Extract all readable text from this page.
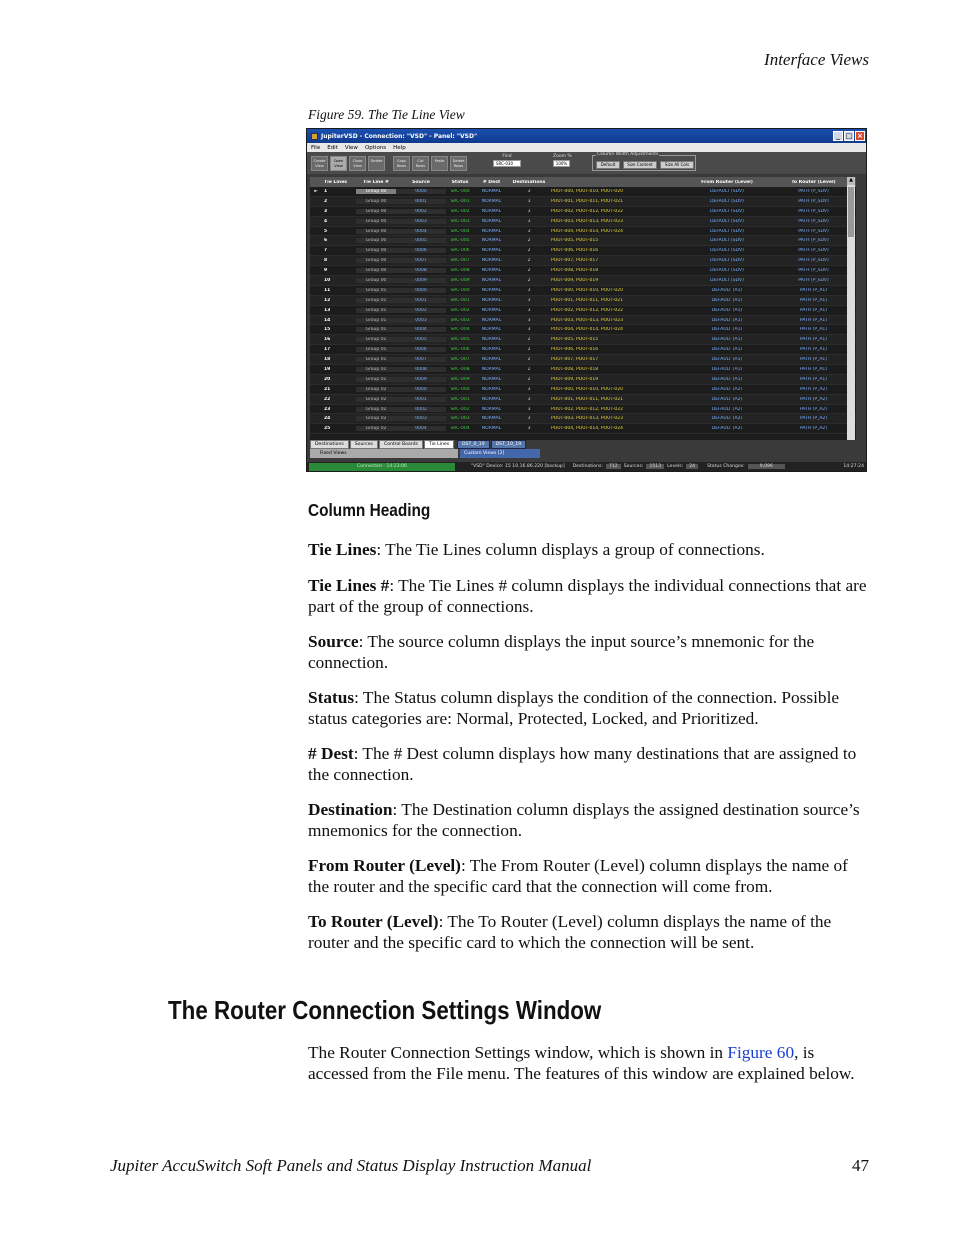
Interface Views
Figure 59. The Tie Line View
JupiterVSD - Connection: "VSD" - Panel: "VSD"	_ □ ×
File Edit View Options Help
Create
View
Open
View
Close
View
Delete	Copy
Rows
Cut
Rows
Paste	Delete
Rows
Find
SRC-030
Zoom %
100%
Column Width Adjustments
Default	Size Content	Size All Cols
Tie Lines	Tie Line #	Source	Status	# Dest	Destinations	From Router (Level)	To Router (Level)
►	1	Group 00	0000	SRC-000	NORMAL	3	POUT-000, POUT-010, POUT-020	DEFAULT (SDV)	PATH (P_SDV)
2	Group 00	0001	SRC-001	NORMAL	3	POUT-001, POUT-011, POUT-021	DEFAULT (SDV)	PATH (P_SDV)
3	Group 00	0002	SRC-002	NORMAL	3	POUT-002, POUT-012, POUT-022	DEFAULT (SDV)	PATH (P_SDV)
4	Group 00	0003	SRC-003	NORMAL	3	POUT-003, POUT-013, POUT-023	DEFAULT (SDV)	PATH (P_SDV)
5	Group 00	0004	SRC-004	NORMAL	3	POUT-004, POUT-014, POUT-024	DEFAULT (SDV)	PATH (P_SDV)
6	Group 00	0005	SRC-005	NORMAL	2	POUT-005, POUT-015	DEFAULT (SDV)	PATH (P_SDV)
7	Group 00	0006	SRC-006	NORMAL	2	POUT-006, POUT-016	DEFAULT (SDV)	PATH (P_SDV)
8	Group 00	0007	SRC-007	NORMAL	2	POUT-007, POUT-017	DEFAULT (SDV)	PATH (P_SDV)
9	Group 00	0008	SRC-008	NORMAL	2	POUT-008, POUT-018	DEFAULT (SDV)	PATH (P_SDV)
10	Group 00	0009	SRC-009	NORMAL	2	POUT-009, POUT-019	DEFAULT (SDV)	PATH (P_SDV)
11	Group 01	0000	SRC-000	NORMAL	3	POUT-000, POUT-010, POUT-020	DEFAULT (A1)	PATH (P_A1)
12	Group 01	0001	SRC-001	NORMAL	3	POUT-001, POUT-011, POUT-021	DEFAULT (A1)	PATH (P_A1)
13	Group 01	0002	SRC-002	NORMAL	3	POUT-002, POUT-012, POUT-022	DEFAULT (A1)	PATH (P_A1)
14	Group 01	0003	SRC-003	NORMAL	3	POUT-003, POUT-013, POUT-023	DEFAULT (A1)	PATH (P_A1)
15	Group 01	0004	SRC-004	NORMAL	3	POUT-004, POUT-014, POUT-024	DEFAULT (A1)	PATH (P_A1)
16	Group 01	0005	SRC-005	NORMAL	2	POUT-005, POUT-015	DEFAULT (A1)	PATH (P_A1)
17	Group 01	0006	SRC-006	NORMAL	2	POUT-006, POUT-016	DEFAULT (A1)	PATH (P_A1)
18	Group 01	0007	SRC-007	NORMAL	2	POUT-007, POUT-017	DEFAULT (A1)	PATH (P_A1)
19	Group 01	0008	SRC-008	NORMAL	2	POUT-008, POUT-018	DEFAULT (A1)	PATH (P_A1)
20	Group 01	0009	SRC-009	NORMAL	2	POUT-009, POUT-019	DEFAULT (A1)	PATH (P_A1)
21	Group 02	0000	SRC-000	NORMAL	3	POUT-000, POUT-010, POUT-020	DEFAULT (A2)	PATH (P_A2)
22	Group 02	0001	SRC-001	NORMAL	3	POUT-001, POUT-011, POUT-021	DEFAULT (A2)	PATH (P_A2)
23	Group 02	0002	SRC-002	NORMAL	3	POUT-002, POUT-012, POUT-022	DEFAULT (A2)	PATH (P_A2)
24	Group 02	0003	SRC-003	NORMAL	3	POUT-003, POUT-013, POUT-023	DEFAULT (A2)	PATH (P_A2)
25	Group 02	0004	SRC-004	NORMAL	3	POUT-004, POUT-014, POUT-024	DEFAULT (A2)	PATH (P_A2)
▲
Destinations	Sources	Control Boards	Tie Lines	DST_0_19	DST_10_19
Fixed Views	Custom Views [2]
Connected - 14:23:06	"VSD" Device: 15 10.16.86.220 [backup] Destinations:	712	Sources:	1513	Levels:	24	Status Changes:	9,096	14:27:24
Column Heading

Tie Lines: The Tie Lines column displays a group of connections.

Tie Lines #: The Tie Lines # column displays the individual connections that are part of the group of connections.

Source: The source column displays the input source’s mnemonic for the connection.

Status: The Status column displays the condition of the connection. Possible status categories are: Normal, Protected, Locked, and Prioritized.

# Dest: The # Dest column displays how many destinations that are assigned to the connection.

Destination: The Destination column displays the assigned destination source’s mnemonics for the connection.

From Router (Level): The From Router (Level) column displays the name of the router and the specific card that the connection will come from.

To Router (Level): The To Router (Level) column displays the name of the router and the specific card to which the connection will be sent.

The Router Connection Settings Window

The Router Connection Settings window, which is shown in Figure 60, is accessed from the File menu. The features of this window are explained below.

Jupiter AccuSwitch Soft Panels and Status Display Instruction Manual	47
